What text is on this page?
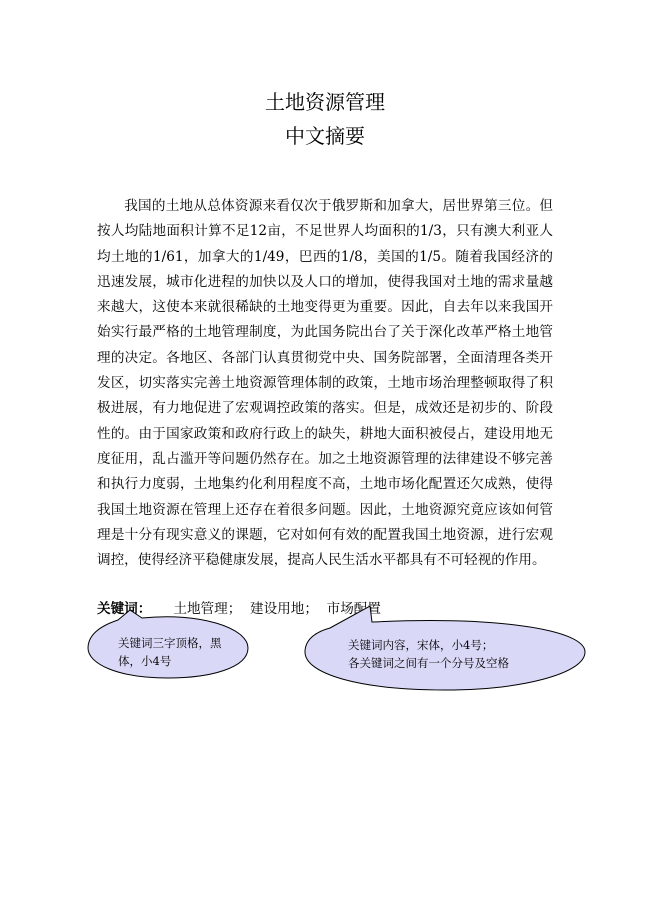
土地资源管理
中文摘要

我国的土地从总体资源来看仅次于俄罗斯和加拿大，居世界第三位。但按人均陆地面积计算不足12亩，不足世界人均面积的1/3，只有澳大利亚人均土地的1/61，加拿大的1/49，巴西的1/8，美国的1/5。随着我国经济的迅速发展，城市化进程的加快以及人口的增加，使得我国对土地的需求量越来越大，这使本来就很稀缺的土地变得更为重要。因此，自去年以来我国开始实行最严格的土地管理制度，为此国务院出台了关于深化改革严格土地管理的决定。各地区、各部门认真贯彻党中央、国务院部署，全面清理各类开发区，切实落实完善土地资源管理体制的政策，土地市场治理整顿取得了积极进展，有力地促进了宏观调控政策的落实。但是，成效还是初步的、阶段性的。由于国家政策和政府行政上的缺失，耕地大面积被侵占，建设用地无度征用，乱占滥开等问题仍然存在。加之土地资源管理的法律建设不够完善和执行力度弱，土地集约化利用程度不高，土地市场化配置还欠成熟，使得我国土地资源在管理上还存在着很多问题。因此，土地资源究竟应该如何管理是十分有现实意义的课题，它对如何有效的配置我国土地资源，进行宏观调控，使得经济平稳健康发展，提高人民生活水平都具有不可轻视的作用。

关键词： 土地管理； 建设用地； 市场配置
关键词三字顶格，黑体，小4号
关键词内容，宋体，小4号；
各关键词之间有一个分号及空格
